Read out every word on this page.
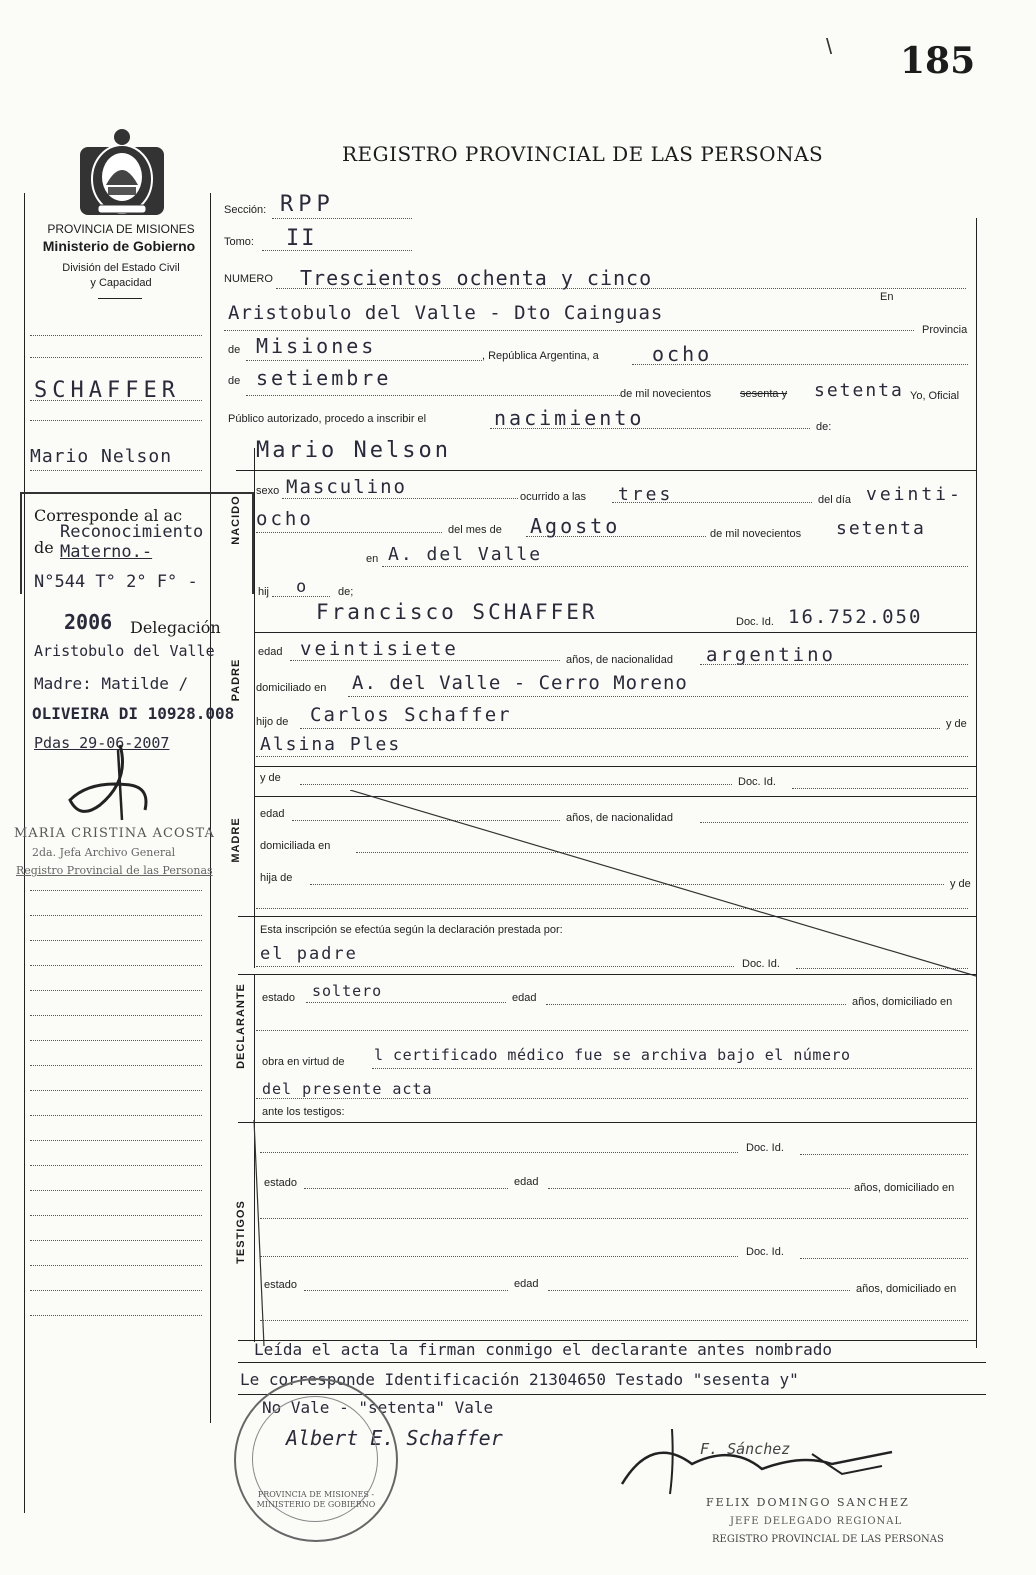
\ 185
REGISTRO PROVINCIAL DE LAS PERSONAS
PROVINCIA DE MISIONES
Ministerio de Gobierno
División del Estado Civil
y Capacidad
SCHAFFER
Mario Nelson
Corresponde al ac
Reconocimiento
de Materno.-
N°544 T° 2° F° -
2006 Delegación
Aristobulo del Valle
Madre: Matilde /
OLIVEIRA DI 10928.008
Pdas 29-06-2007
MARIA CRISTINA ACOSTA
2da. Jefa Archivo General
Registro Provincial de las Personas
Sección: RPP
Tomo: II
NUMERO Trescientos ochenta y cinco
Aristobulo del Valle - Dto Cainguas
En
Provincia
de Misiones	, República Argentina, a	ocho
de setiembre
de mil novecientos	sesenta y setenta Yo, Oficial
Público autorizado, procedo a inscribir el	nacimiento	de:
NACIDO
Mario Nelson
sexo Masculino	ocurrido a las tres	del día veinti-
ocho	del mes de Agosto	de mil novecientos setenta
en A. del Valle
hij o	de;
PADRE
Francisco SCHAFFER	Doc. Id. 16.752.050
edad veintisiete	años, de nacionalidad argentino
domiciliado en A. del Valle - Cerro Moreno
hijo de Carlos Schaffer	y de
Alsina Ples
y de	Doc. Id.
MADRE
edad	años, de nacionalidad
domiciliada en
hija de	y de
Esta inscripción se efectúa según la declaración prestada por:
el padre	Doc. Id.
DECLARANTE estado soltero	edad	años, domiciliado en
obra en virtud de l certificado médico fue se archiva bajo el número
del presente acta
ante los testigos:
TESTIGOS
Doc. Id.
estado	edad	años, domiciliado en
Doc. Id.
estado	edad	años, domiciliado en
Leída el acta la firman conmigo el declarante antes nombrado
Le corresponde Identificación 21304650 Testado "sesenta y"
No Vale - "setenta" Vale
Albert E. Schaffer
PROVINCIA DE MISIONES - MINISTERIO DE GOBIERNO
F. Sánchez
FELIX DOMINGO SANCHEZ
JEFE DELEGADO REGIONAL
REGISTRO PROVINCIAL DE LAS PERSONAS
